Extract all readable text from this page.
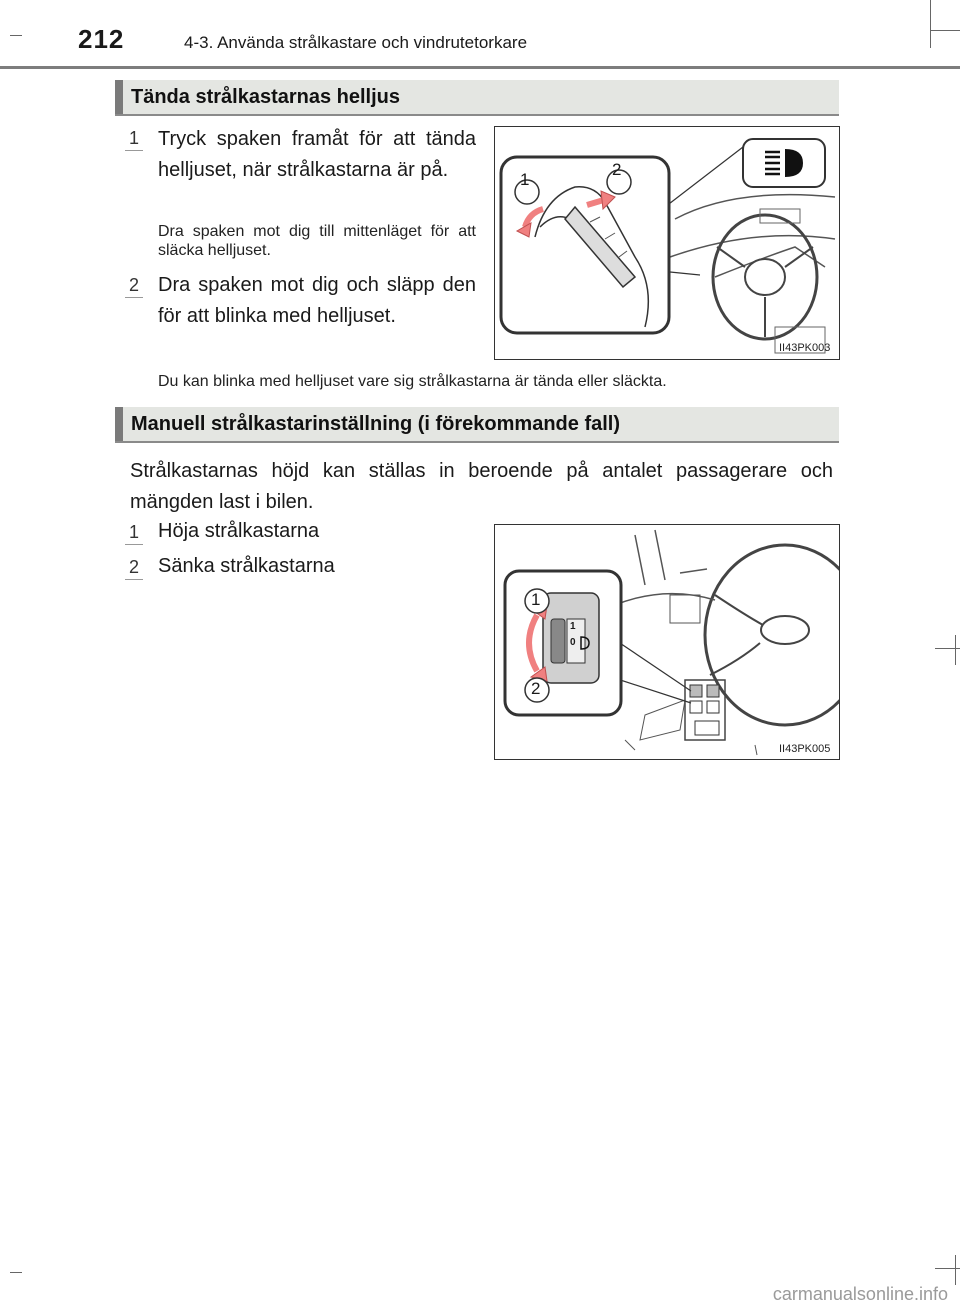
212	4-3. Använda strålkastare och vindrutetorkare
Tända strålkastarnas helljus
1 Tryck spaken framåt för att tända helljuset, när strålkastarna är på.
Dra spaken mot dig till mittenläget för att släcka helljuset.
2 Dra spaken mot dig och släpp den för att blinka med helljuset.
1
2
II43PK003
Du kan blinka med helljuset vare sig strålkastarna är tända eller släckta.
Manuell strålkastarinställning (i förekommande fall)
Strålkastarnas höjd kan ställas in beroende på antalet passagerare och mängden last i bilen.
1 Höja strålkastarna
2 Sänka strålkastarna
1
2
1
0
II43PK005
carmanualsonline.info
